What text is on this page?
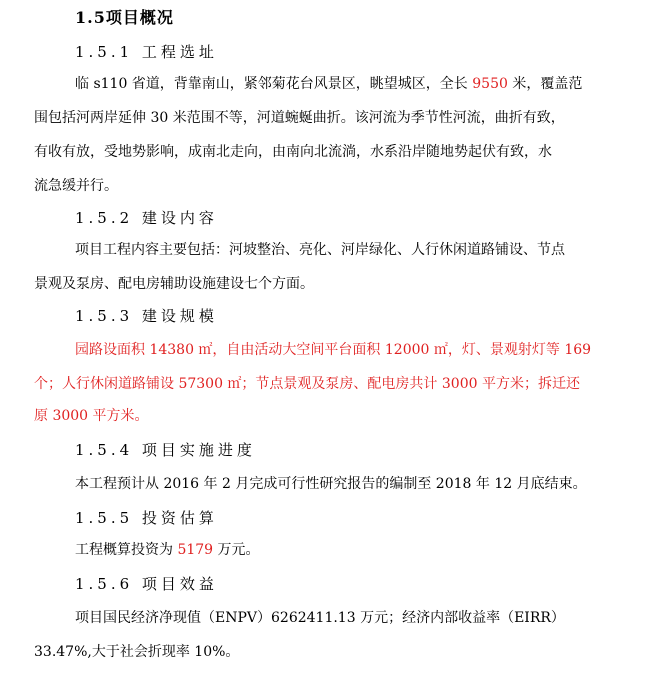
1.5项目概况
1.5.1 工程选址
临 s110 省道，背靠南山，紧邻菊花台风景区，眺望城区，全长 9550 米，覆盖范
围包括河两岸延伸 30 米范围不等，河道蜿蜒曲折。该河流为季节性河流，曲折有致，
有收有放，受地势影响，成南北走向，由南向北流淌，水系沿岸随地势起伏有致，水
流急缓并行。
1.5.2 建设内容
项目工程内容主要包括：河坡整治、亮化、河岸绿化、人行休闲道路铺设、节点
景观及泵房、配电房辅助设施建设七个方面。
1.5.3 建设规模
园路设面积 14380 ㎡，自由活动大空间平台面积 12000 ㎡，灯、景观射灯等 169
个；人行休闲道路铺设 57300 ㎡；节点景观及泵房、配电房共计 3000 平方米；拆迁还
原 3000 平方米。
1.5.4 项目实施进度
本工程预计从 2016 年 2 月完成可行性研究报告的编制至 2018 年 12 月底结束。
1.5.5 投资估算
工程概算投资为 5179 万元。
1.5.6 项目效益
项目国民经济净现值（ENPV）6262411.13 万元；经济内部收益率（EIRR）
33.47%,大于社会折现率 10%。
